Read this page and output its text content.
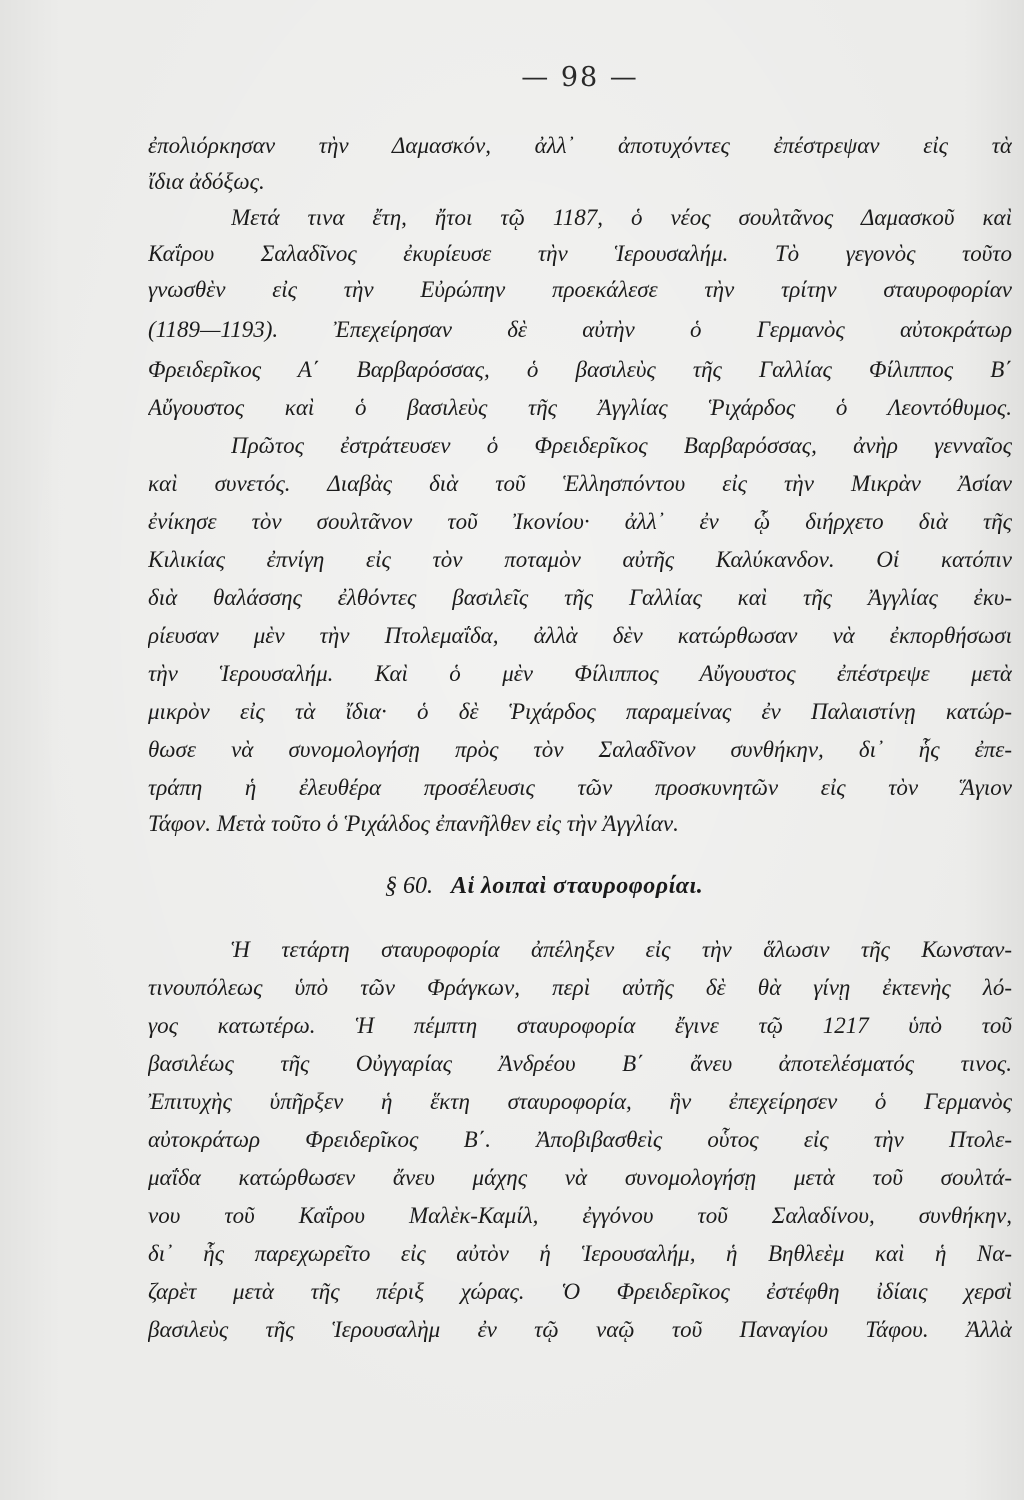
— 98 —
ἐπολιόρκησαν τὴν Δαμασκόν, ἀλλ᾿ ἀποτυχόντες ἐπέστρεψαν εἰς τὰ
ἴδια ἀδόξως.
Μετά τινα ἔτη, ἤτοι τῷ 1187, ὁ νέος σουλτᾶνος Δαμασκοῦ καὶ
Καΐρου Σαλαδῖνος ἐκυρίευσε τὴν Ἱερουσαλήμ. Τὸ γεγονὸς τοῦτο
γνωσθὲν εἰς τὴν Εὐρώπην προεκάλεσε τὴν τρίτην σταυροφορίαν
(1189—1193). Ἐπεχείρησαν δὲ αὐτὴν ὁ Γερμανὸς αὐτοκράτωρ
Φρειδερῖκος Α΄ Βαρβαρόσσας, ὁ βασιλεὺς τῆς Γαλλίας Φίλιππος Β΄
Αὔγουστος καὶ ὁ βασιλεὺς τῆς Ἀγγλίας Ῥιχάρδος ὁ Λεοντόθυμος.
Πρῶτος ἐστράτευσεν ὁ Φρειδερῖκος Βαρβαρόσσας, ἀνὴρ γενναῖος
καὶ συνετός. Διαβὰς διὰ τοῦ Ἑλλησπόντου εἰς τὴν Μικρὰν Ἀσίαν
ἐνίκησε τὸν σουλτᾶνον τοῦ Ἰκονίου· ἀλλ᾿ ἐν ᾧ διήρχετο διὰ τῆς
Κιλικίας ἐπνίγη εἰς τὸν ποταμὸν αὐτῆς Καλύκανδον. Οἱ κατόπιν
διὰ θαλάσσης ἐλθόντες βασιλεῖς τῆς Γαλλίας καὶ τῆς Ἀγγλίας ἐκυ-
ρίευσαν μὲν τὴν Πτολεμαΐδα, ἀλλὰ δὲν κατώρθωσαν νὰ ἐκπορθήσωσι
τὴν Ἱερουσαλήμ. Καὶ ὁ μὲν Φίλιππος Αὔγουστος ἐπέστρεψε μετὰ
μικρὸν εἰς τὰ ἴδια· ὁ δὲ Ῥιχάρδος παραμείνας ἐν Παλαιστίνῃ κατώρ-
θωσε νὰ συνομολογήσῃ πρὸς τὸν Σαλαδῖνον συνθήκην, δι᾿ ἧς ἐπε-
τράπη ἡ ἐλευθέρα προσέλευσις τῶν προσκυνητῶν εἰς τὸν Ἅγιον
Τάφον. Μετὰ τοῦτο ὁ Ῥιχάλδος ἐπανῆλθεν εἰς τὴν Ἀγγλίαν.
§ 60. Αἱ λοιπαὶ σταυροφορίαι.
Ἡ τετάρτη σταυροφορία ἀπέληξεν εἰς τὴν ἅλωσιν τῆς Κωνσταν-
τινουπόλεως ὑπὸ τῶν Φράγκων, περὶ αὐτῆς δὲ θὰ γίνῃ ἐκτενὴς λό-
γος κατωτέρω. Ἡ πέμπτη σταυροφορία ἔγινε τῷ 1217 ὑπὸ τοῦ
βασιλέως τῆς Οὐγγαρίας Ἀνδρέου Β΄ ἄνευ ἀποτελέσματός τινος.
Ἐπιτυχὴς ὑπῆρξεν ἡ ἕκτη σταυροφορία, ἣν ἐπεχείρησεν ὁ Γερμανὸς
αὐτοκράτωρ Φρειδερῖκος Β΄. Ἀποβιβασθεὶς οὗτος εἰς τὴν Πτολε-
μαΐδα κατώρθωσεν ἄνευ μάχης νὰ συνομολογήσῃ μετὰ τοῦ σουλτά-
νου τοῦ Καΐρου Μαλὲκ-Καμίλ, ἐγγόνου τοῦ Σαλαδίνου, συνθήκην,
δι᾿ ἧς παρεχωρεῖτο εἰς αὐτὸν ἡ Ἱερουσαλήμ, ἡ Βηθλεὲμ καὶ ἡ Να-
ζαρὲτ μετὰ τῆς πέριξ χώρας. Ὁ Φρειδερῖκος ἐστέφθη ἰδίαις χερσὶ
βασιλεὺς τῆς Ἱερουσαλὴμ ἐν τῷ ναῷ τοῦ Παναγίου Τάφου. Ἀλλὰ
